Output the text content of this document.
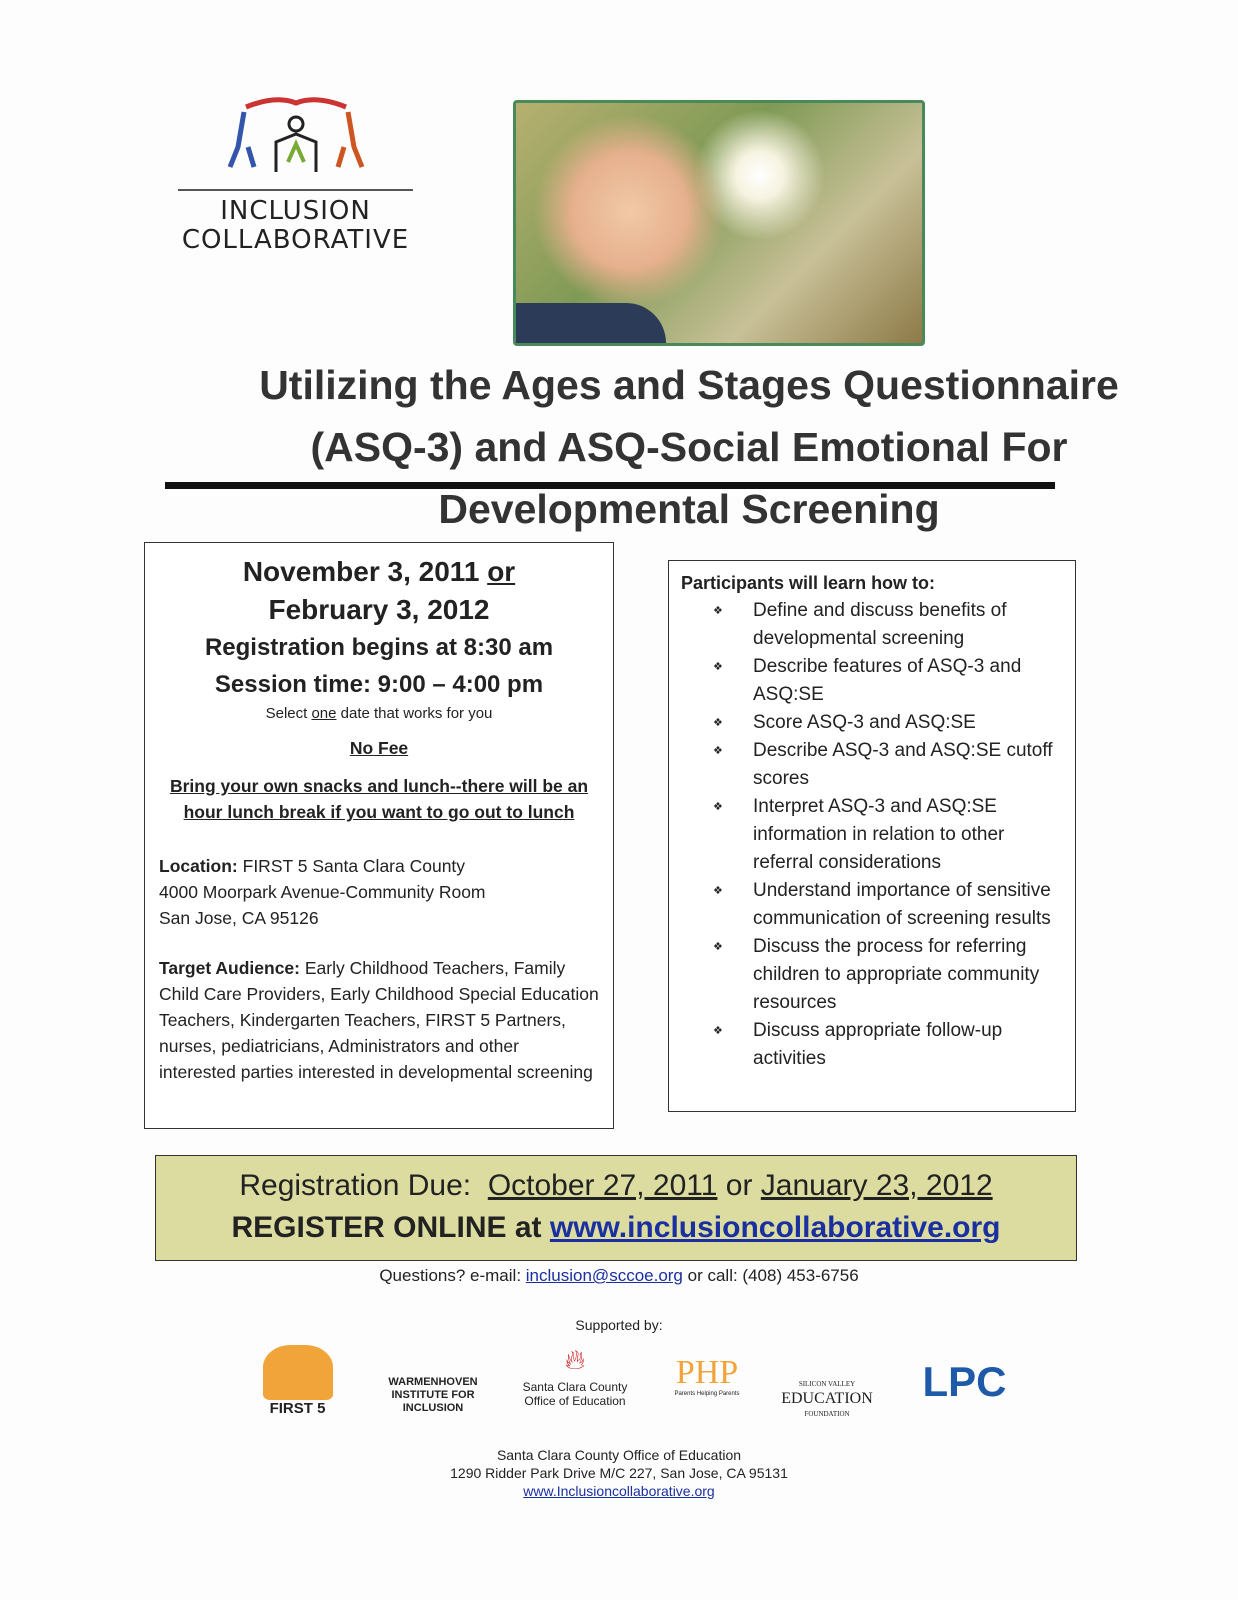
INCLUSION
COLLABORATIVE
Utilizing the Ages and Stages Questionnaire
(ASQ-3) and ASQ-Social Emotional For
Developmental Screening
November 3, 2011 or
February 3, 2012
Registration begins at 8:30 am
Session time: 9:00 – 4:00 pm
Select one date that works for you
No Fee
Bring your own snacks and lunch--there will be an hour lunch break if you want to go out to lunch
Location: FIRST 5 Santa Clara County
4000 Moorpark Avenue-Community Room
San Jose, CA 95126
Target Audience: Early Childhood Teachers, Family Child Care Providers, Early Childhood Special Education Teachers, Kindergarten Teachers, FIRST 5 Partners, nurses, pediatricians, Administrators and other interested parties interested in developmental screening
Participants will learn how to:
❖ Define and discuss benefits of developmental screening
❖ Describe features of ASQ-3 and ASQ:SE
❖ Score ASQ-3 and ASQ:SE
❖ Describe ASQ-3 and ASQ:SE cutoff scores
❖ Interpret ASQ-3 and ASQ:SE information in relation to other referral considerations
❖ Understand importance of sensitive communication of screening results
❖ Discuss the process for referring children to appropriate community resources
❖ Discuss appropriate follow-up activities
Registration Due: October 27, 2011 or January 23, 2012
REGISTER ONLINE at www.inclusioncollaborative.org
Questions? e-mail: inclusion@sccoe.org or call: (408) 453-6756
Supported by:
FIRST 5
WARMENHOVEN INSTITUTE FOR INCLUSION
🔥︎
Santa Clara County Office of Education
PHP
Parents Helping Parents
SILICON VALLEY
EDUCATION
FOUNDATION
LPC
Santa Clara County Office of Education
1290 Ridder Park Drive M/C 227, San Jose, CA 95131
www.Inclusioncollaborative.org
